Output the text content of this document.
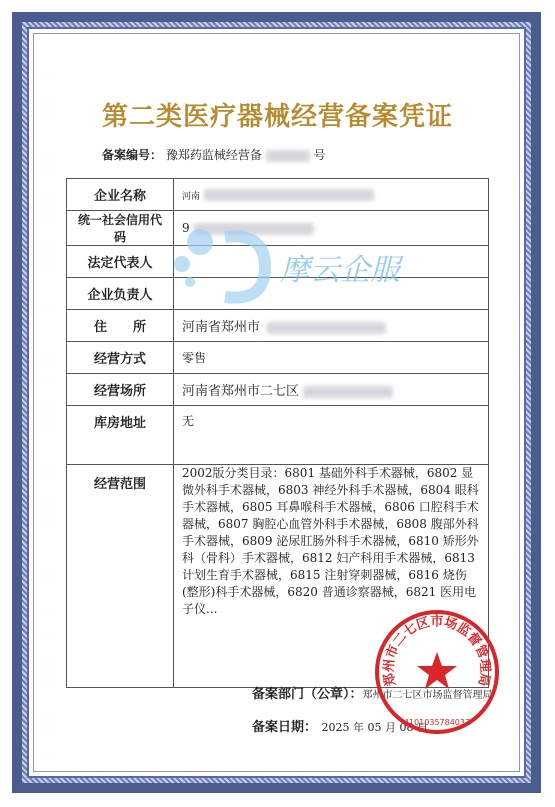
第二类医疗器械经营备案凭证
备案编号： 豫郑药监械经营备	号
企业名称	河南
统一社会信用代码	9
法定代表人	
企业负责人	
住　　所	河南省郑州市
经营方式	零售
经营场所	河南省郑州市二七区
库房地址	无
经营范围	2002版分类目录：6801 基础外科手术器械，6802 显微外科手术器械，6803 神经外科手术器械，6804 眼科手术器械，6805 耳鼻喉科手术器械，6806 口腔科手术器械，6807 胸腔心血管外科手术器械，6808 腹部外科手术器械，6809 泌尿肛肠外科手术器械，6810 矫形外科（骨科）手术器械，6812 妇产科用手术器械，6813 计划生育手术器械，6815 注射穿刺器械，6816 烧伤(整形)科手术器械，6820 普通诊察器械，6821 医用电子仪...
摩云企服
备案部门（公章）：郑州市二七区市场监督管理局
备案日期： 2025 年 05 月 08 日
郑州市二七区市场监督管理局
4101035784037
